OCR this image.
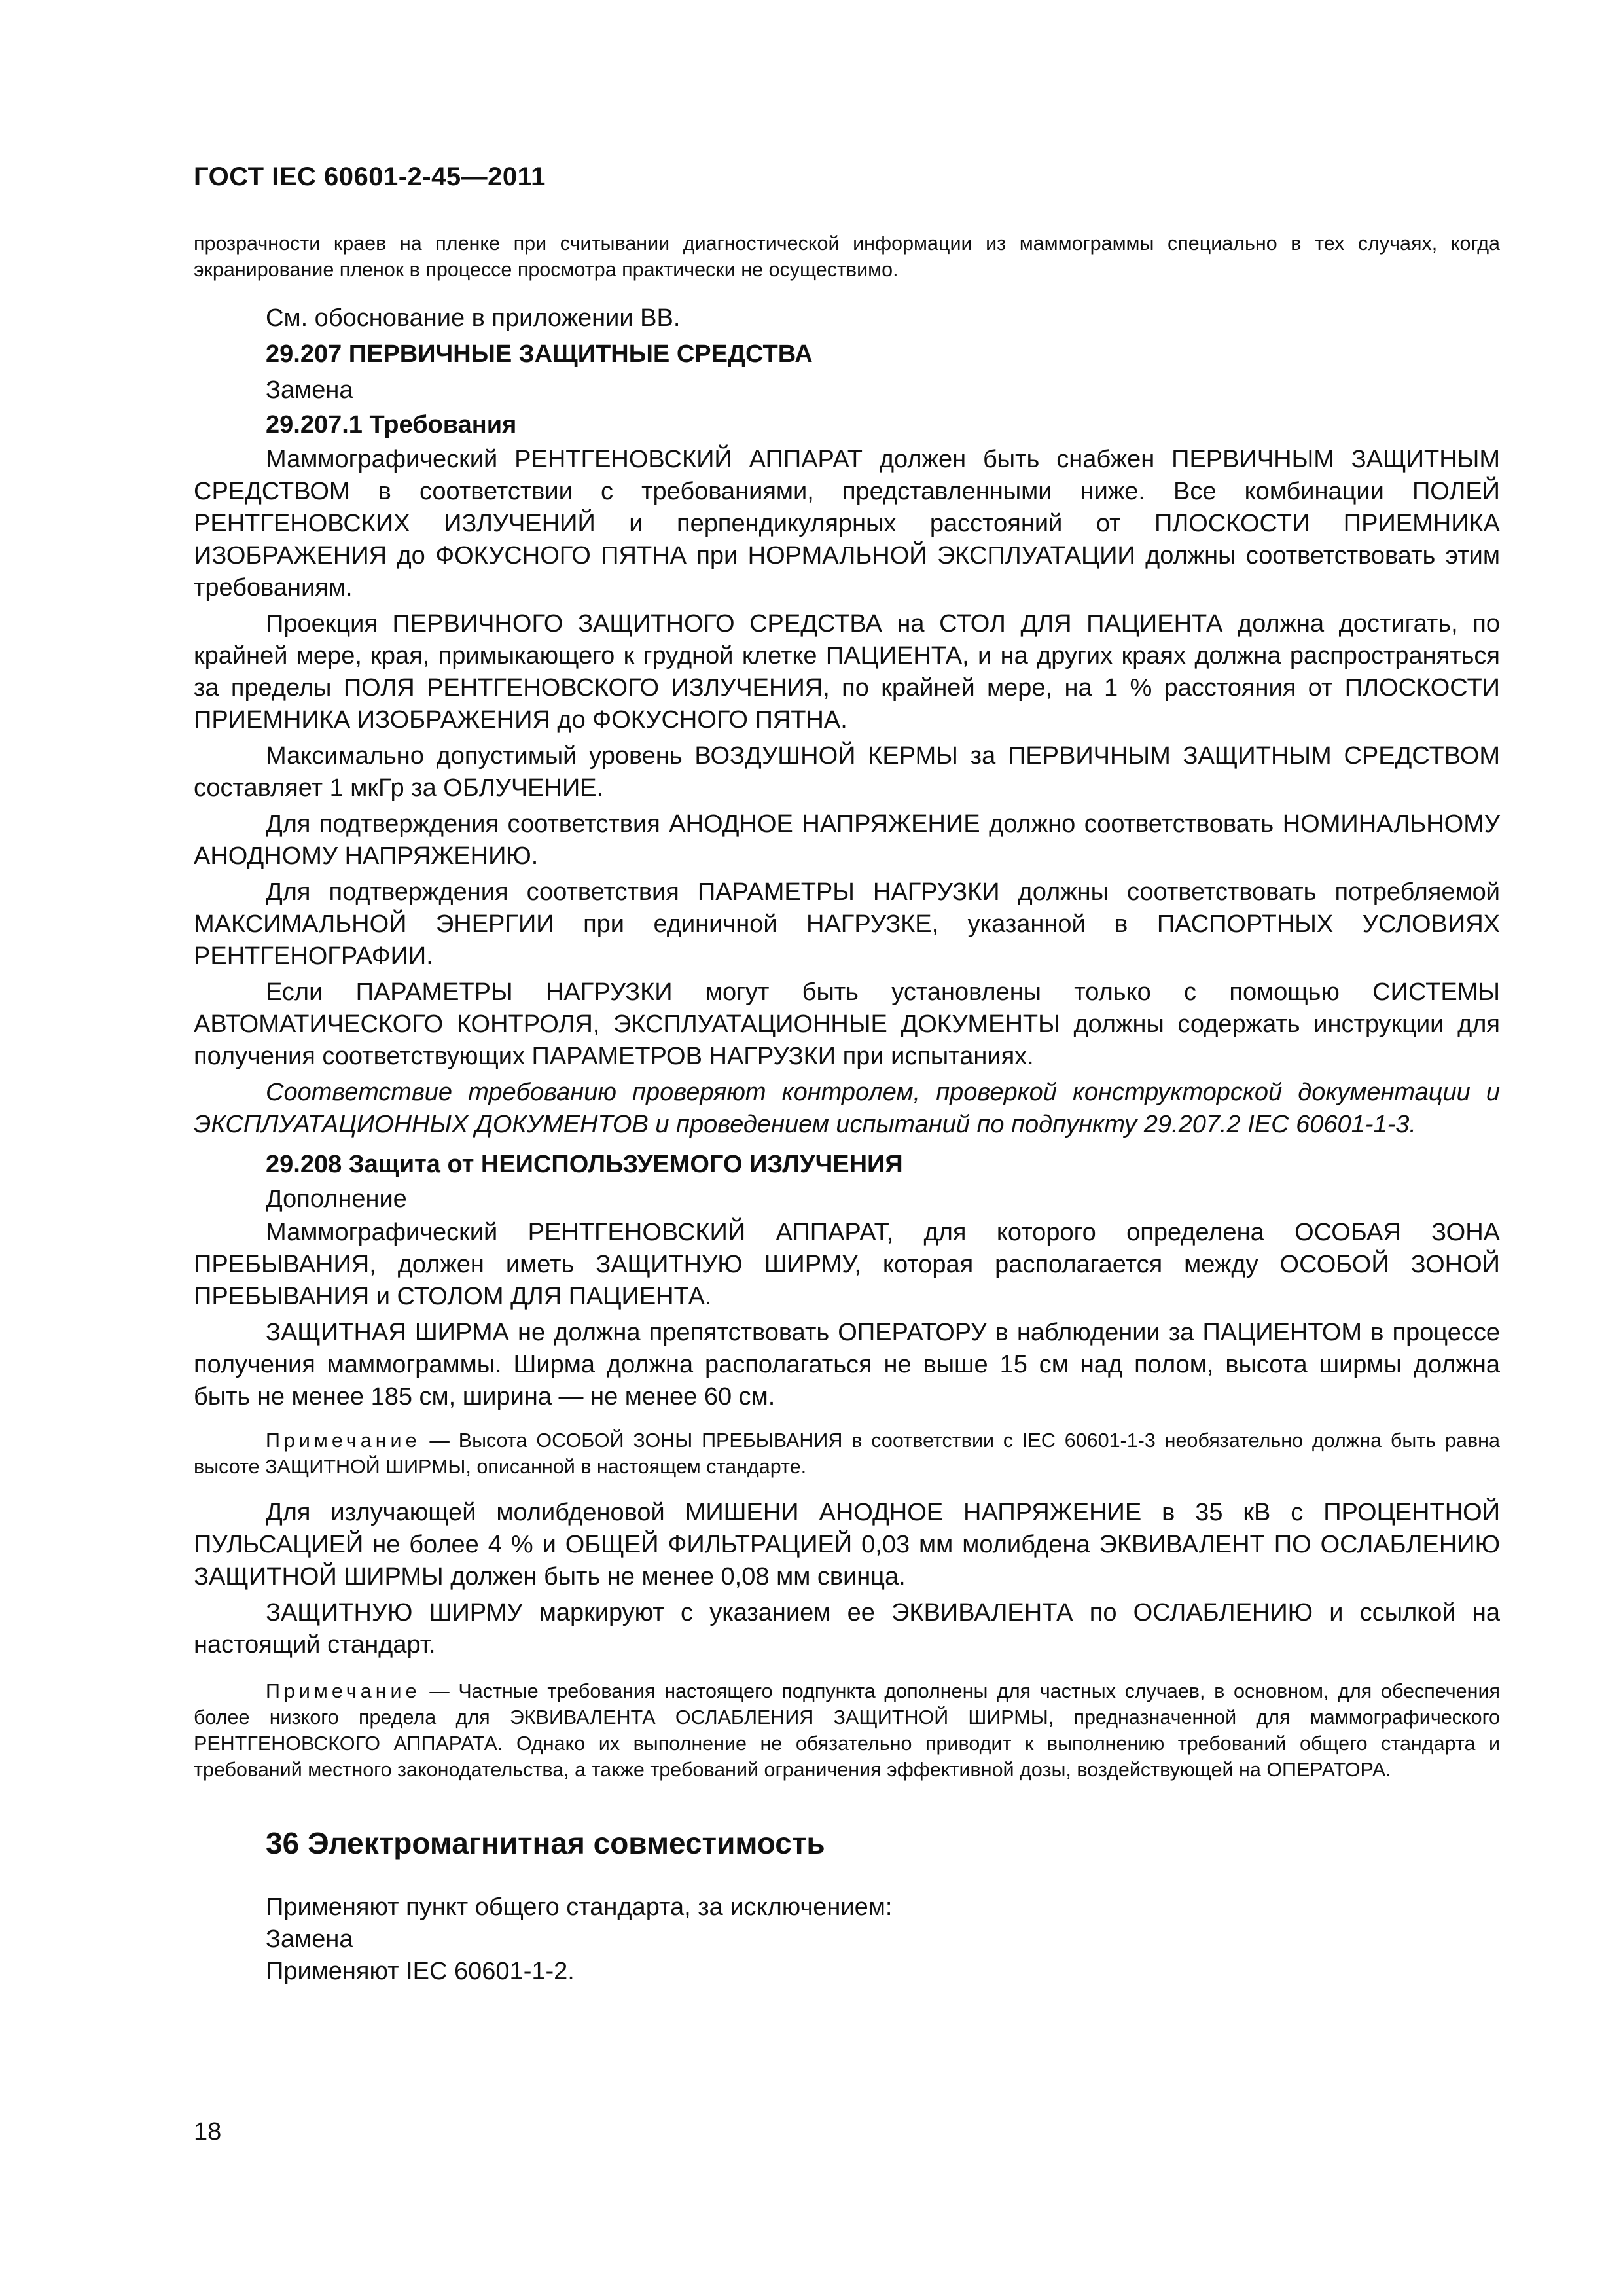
ГОСТ IEC 60601-2-45—2011

прозрачности краев на пленке при считывании диагностической информации из маммограммы специально в тех случаях, когда экранирование пленок в процессе просмотра практически не осуществимо.

См. обоснование в приложении ВВ.

29.207 ПЕРВИЧНЫЕ ЗАЩИТНЫЕ СРЕДСТВА

Замена

29.207.1 Требования

Маммографический РЕНТГЕНОВСКИЙ АППАРАТ должен быть снабжен ПЕРВИЧНЫМ ЗАЩИТНЫМ СРЕДСТВОМ в соответствии с требованиями, представленными ниже. Все комбинации ПОЛЕЙ РЕНТГЕНОВСКИХ ИЗЛУЧЕНИЙ и перпендикулярных расстояний от ПЛОСКОСТИ ПРИЕМНИКА ИЗОБРАЖЕНИЯ до ФОКУСНОГО ПЯТНА при НОРМАЛЬНОЙ ЭКСПЛУАТАЦИИ должны соответствовать этим требованиям.

Проекция ПЕРВИЧНОГО ЗАЩИТНОГО СРЕДСТВА на СТОЛ ДЛЯ ПАЦИЕНТА должна достигать, по крайней мере, края, примыкающего к грудной клетке ПАЦИЕНТА, и на других краях должна распространяться за пределы ПОЛЯ РЕНТГЕНОВСКОГО ИЗЛУЧЕНИЯ, по крайней мере, на 1 % расстояния от ПЛОСКОСТИ ПРИЕМНИКА ИЗОБРАЖЕНИЯ до ФОКУСНОГО ПЯТНА.

Максимально допустимый уровень ВОЗДУШНОЙ КЕРМЫ за ПЕРВИЧНЫМ ЗАЩИТНЫМ СРЕДСТВОМ составляет 1 мкГр за ОБЛУЧЕНИЕ.

Для подтверждения соответствия АНОДНОЕ НАПРЯЖЕНИЕ должно соответствовать НОМИНАЛЬНОМУ АНОДНОМУ НАПРЯЖЕНИЮ.

Для подтверждения соответствия ПАРАМЕТРЫ НАГРУЗКИ должны соответствовать потребляемой МАКСИМАЛЬНОЙ ЭНЕРГИИ при единичной НАГРУЗКЕ, указанной в ПАСПОРТНЫХ УСЛОВИЯХ РЕНТГЕНОГРАФИИ.

Если ПАРАМЕТРЫ НАГРУЗКИ могут быть установлены только с помощью СИСТЕМЫ АВТОМАТИЧЕСКОГО КОНТРОЛЯ, ЭКСПЛУАТАЦИОННЫЕ ДОКУМЕНТЫ должны содержать инструкции для получения соответствующих ПАРАМЕТРОВ НАГРУЗКИ при испытаниях.

Соответствие требованию проверяют контролем, проверкой конструкторской документации и ЭКСПЛУАТАЦИОННЫХ ДОКУМЕНТОВ и проведением испытаний по подпункту 29.207.2 IEC 60601-1-3.

29.208 Защита от НЕИСПОЛЬЗУЕМОГО ИЗЛУЧЕНИЯ

Дополнение

Маммографический РЕНТГЕНОВСКИЙ АППАРАТ, для которого определена ОСОБАЯ ЗОНА ПРЕБЫВАНИЯ, должен иметь ЗАЩИТНУЮ ШИРМУ, которая располагается между ОСОБОЙ ЗОНОЙ ПРЕБЫВАНИЯ и СТОЛОМ ДЛЯ ПАЦИЕНТА.

ЗАЩИТНАЯ ШИРМА не должна препятствовать ОПЕРАТОРУ в наблюдении за ПАЦИЕНТОМ в процессе получения маммограммы. Ширма должна располагаться не выше 15 см над полом, высота ширмы должна быть не менее 185 см, ширина — не менее 60 см.

Примечание — Высота ОСОБОЙ ЗОНЫ ПРЕБЫВАНИЯ в соответствии с IEC 60601-1-3 необязательно должна быть равна высоте ЗАЩИТНОЙ ШИРМЫ, описанной в настоящем стандарте.

Для излучающей молибденовой МИШЕНИ АНОДНОЕ НАПРЯЖЕНИЕ в 35 кВ с ПРОЦЕНТНОЙ ПУЛЬСАЦИЕЙ не более 4 % и ОБЩЕЙ ФИЛЬТРАЦИЕЙ 0,03 мм молибдена ЭКВИВАЛЕНТ ПО ОСЛАБЛЕНИЮ ЗАЩИТНОЙ ШИРМЫ должен быть не менее 0,08 мм свинца.

ЗАЩИТНУЮ ШИРМУ маркируют с указанием ее ЭКВИВАЛЕНТА по ОСЛАБЛЕНИЮ и ссылкой на настоящий стандарт.

Примечание — Частные требования настоящего подпункта дополнены для частных случаев, в основном, для обеспечения более низкого предела для ЭКВИВАЛЕНТА ОСЛАБЛЕНИЯ ЗАЩИТНОЙ ШИРМЫ, предназначенной для маммографического РЕНТГЕНОВСКОГО АППАРАТА. Однако их выполнение не обязательно приводит к выполнению требований общего стандарта и требований местного законодательства, а также требований ограничения эффективной дозы, воздействующей на ОПЕРАТОРА.

36 Электромагнитная совместимость

Применяют пункт общего стандарта, за исключением:

Замена

Применяют IEC 60601-1-2.

18
